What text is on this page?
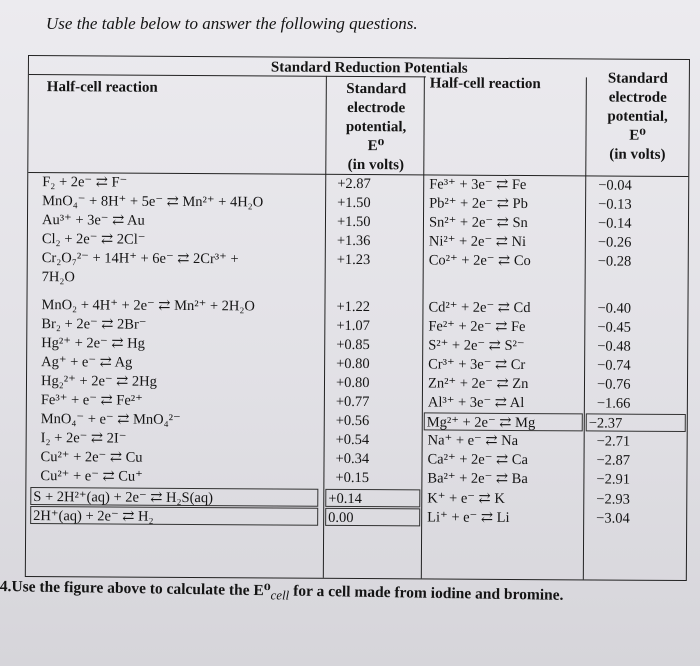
Use the table below to answer the following questions.
Standard Reduction Potentials
Half-cell reaction	Standard
electrode
potential,
E⁰
(in volts)
Half-cell reaction	Standard
electrode
potential,
E⁰
(in volts)
F₂ + 2e⁻ ⇄ F⁻
MnO₄⁻ + 8H⁺ + 5e⁻ ⇄ Mn²⁺ + 4H₂O
Au³⁺ + 3e⁻ ⇄ Au
Cl₂ + 2e⁻ ⇄ 2Cl⁻
Cr₂O₇²⁻ + 14H⁺ + 6e⁻ ⇄ 2Cr³⁺ +
7H₂O
MnO₂ + 4H⁺ + 2e⁻ ⇄ Mn²⁺ + 2H₂O
Br₂ + 2e⁻ ⇄ 2Br⁻
Hg²⁺ + 2e⁻ ⇄ Hg
Ag⁺ + e⁻ ⇄ Ag
Hg₂²⁺ + 2e⁻ ⇄ 2Hg
Fe³⁺ + e⁻ ⇄ Fe²⁺
MnO₄⁻ + e⁻ ⇄ MnO₄²⁻
I₂ + 2e⁻ ⇄ 2I⁻
Cu²⁺ + 2e⁻ ⇄ Cu
Cu²⁺ + e⁻ ⇄ Cu⁺
S + 2H²⁺(aq) + 2e⁻ ⇄ H₂S(aq)
2H⁺(aq) + 2e⁻ ⇄ H₂
+2.87
+1.50
+1.50
+1.36
+1.23
+1.22
+1.07
+0.85
+0.80
+0.80
+0.77
+0.56
+0.54
+0.34
+0.15
+0.14
0.00
Fe³⁺ + 3e⁻ ⇄ Fe
Pb²⁺ + 2e⁻ ⇄ Pb
Sn²⁺ + 2e⁻ ⇄ Sn
Ni²⁺ + 2e⁻ ⇄ Ni
Co²⁺ + 2e⁻ ⇄ Co
Cd²⁺ + 2e⁻ ⇄ Cd
Fe²⁺ + 2e⁻ ⇄ Fe
S²⁺ + 2e⁻ ⇄ S²⁻
Cr³⁺ + 3e⁻ ⇄ Cr
Zn²⁺ + 2e⁻ ⇄ Zn
Al³⁺ + 3e⁻ ⇄ Al
Mg²⁺ + 2e⁻ ⇄ Mg
Na⁺ + e⁻ ⇄ Na
Ca²⁺ + 2e⁻ ⇄ Ca
Ba²⁺ + 2e⁻ ⇄ Ba
K⁺ + e⁻ ⇄ K
Li⁺ + e⁻ ⇄ Li
−0.04
−0.13
−0.14
−0.26
−0.28
−0.40
−0.45
−0.48
−0.74
−0.76
−1.66
−2.37
−2.71
−2.87
−2.91
−2.93
−3.04
4.Use the figure above to calculate the $E^0_{cell}$ for a cell made from iodine and bromine.
